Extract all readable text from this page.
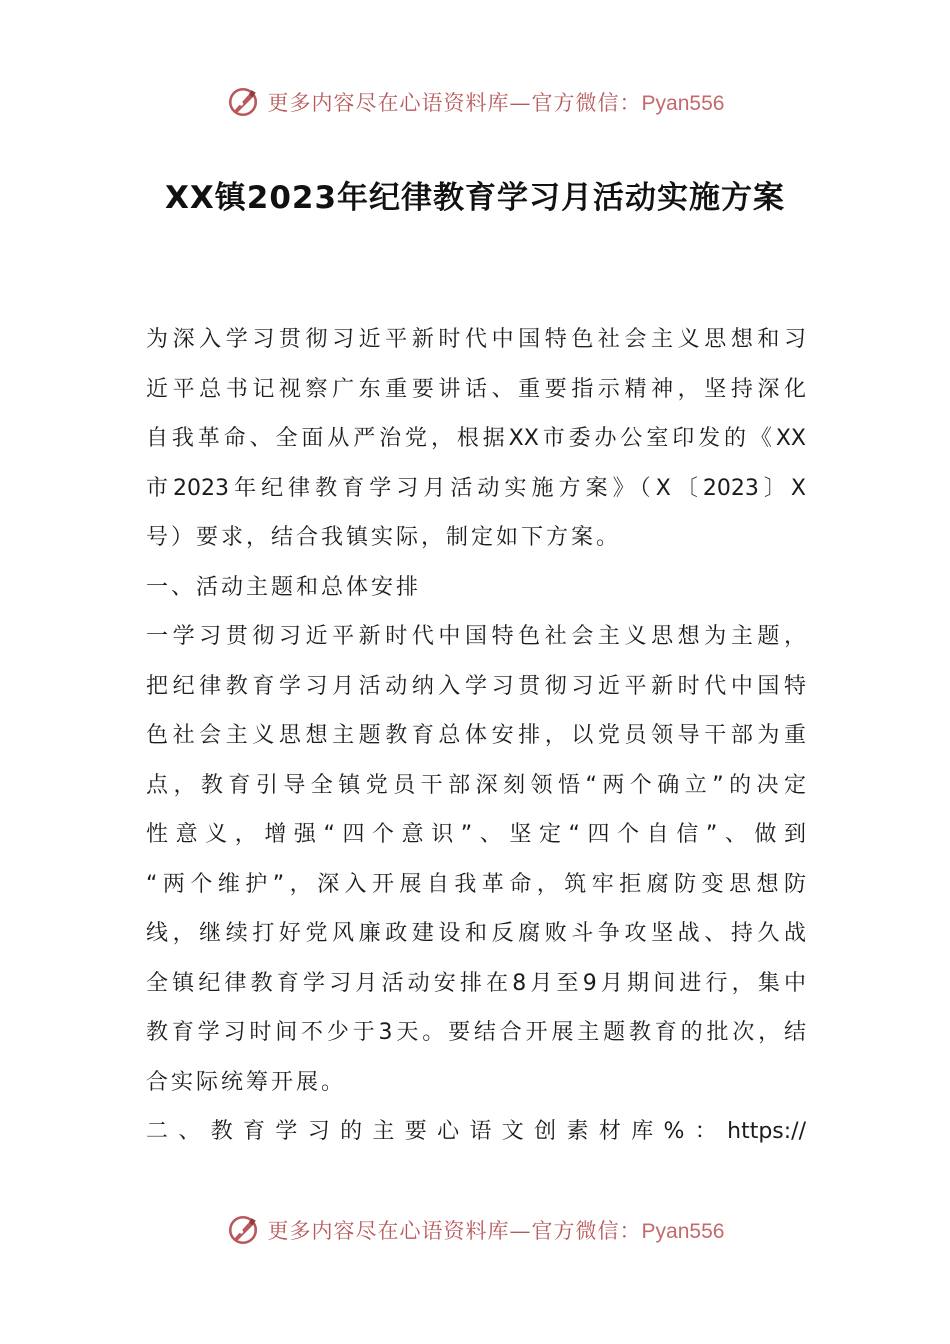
更多内容尽在心语资料库—官方微信：Pyan556
XX镇2023年纪律教育学习月活动实施方案
为深入学习贯彻习近平新时代中国特色社会主义思想和习
近平总书记视察广东重要讲话、重要指示精神，坚持深化
自我革命、全面从严治党，根据XX市委办公室印发的《XX
市2023年纪律教育学习月活动实施方案》（X〔2023〕X
号）要求，结合我镇实际，制定如下方案。
一、活动主题和总体安排
一学习贯彻习近平新时代中国特色社会主义思想为主题，
把纪律教育学习月活动纳入学习贯彻习近平新时代中国特
色社会主义思想主题教育总体安排，以党员领导干部为重
点，教育引导全镇党员干部深刻领悟“两个确立”的决定
性意义，增强“四个意识”、坚定“四个自信”、做到
“两个维护”，深入开展自我革命，筑牢拒腐防变思想防
线，继续打好党风廉政建设和反腐败斗争攻坚战、持久战
全镇纪律教育学习月活动安排在8月至9月期间进行，集中
教育学习时间不少于3天。要结合开展主题教育的批次，结
合实际统筹开展。
二、教育学习的主要心语文创素材库%：https://
更多内容尽在心语资料库—官方微信：Pyan556
